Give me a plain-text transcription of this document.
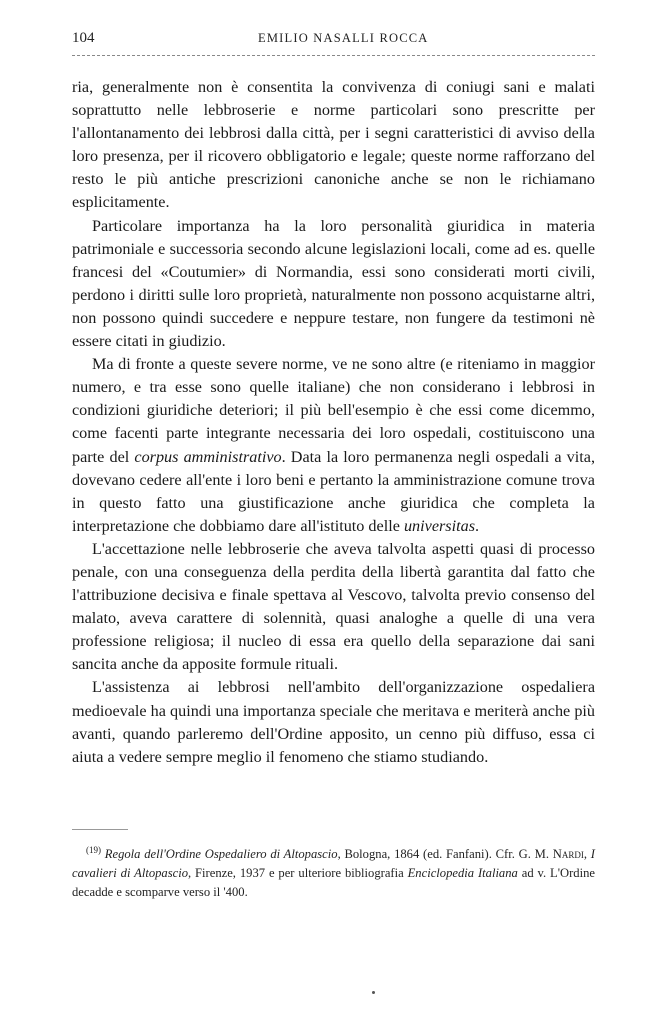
104	EMILIO NASALLI ROCCA

ria, generalmente non è consentita la convivenza di coniugi sani e malati soprattutto nelle lebbroserie e norme particolari sono prescritte per l'allontanamento dei lebbrosi dalla città, per i segni caratteristici di avviso della loro presenza, per il ricovero obbligatorio e legale; queste norme rafforzano del resto le più antiche prescrizioni canoniche anche se non le richiamano esplicitamente.

Particolare importanza ha la loro personalità giuridica in materia patrimoniale e successoria secondo alcune legislazioni locali, come ad es. quelle francesi del «Coutumier» di Normandia, essi sono considerati morti civili, perdono i diritti sulle loro proprietà, naturalmente non possono acquistarne altri, non possono quindi succedere e neppure testare, non fungere da testimoni nè essere citati in giudizio.

Ma di fronte a queste severe norme, ve ne sono altre (e riteniamo in maggior numero, e tra esse sono quelle italiane) che non considerano i lebbrosi in condizioni giuridiche deteriori; il più bell'esempio è che essi come dicemmo, come facenti parte integrante necessaria dei loro ospedali, costituiscono una parte del corpus amministrativo. Data la loro permanenza negli ospedali a vita, dovevano cedere all'ente i loro beni e pertanto la amministrazione comune trova in questo fatto una giustificazione anche giuridica che completa la interpretazione che dobbiamo dare all'istituto delle universitas.

L'accettazione nelle lebbroserie che aveva talvolta aspetti quasi di processo penale, con una conseguenza della perdita della libertà garantita dal fatto che l'attribuzione decisiva e finale spettava al Vescovo, talvolta previo consenso del malato, aveva carattere di solennità, quasi analoghe a quelle di una vera professione religiosa; il nucleo di essa era quello della separazione dai sani sancita anche da apposite formule rituali.

L'assistenza ai lebbrosi nell'ambito dell'organizzazione ospedaliera medioevale ha quindi una importanza speciale che meritava e meriterà anche più avanti, quando parleremo dell'Ordine apposito, un cenno più diffuso, essa ci aiuta a vedere sempre meglio il fenomeno che stiamo studiando.

$^{(19)}$ Regola dell'Ordine Ospedaliero di Altopascio, Bologna, 1864 (ed. Fanfani). Cfr. G. M. Nardi, I cavalieri di Altopascio, Firenze, 1937 e per ulteriore bibliografia Enciclopedia Italiana ad v. L'Ordine decadde e scomparve verso il '400.
